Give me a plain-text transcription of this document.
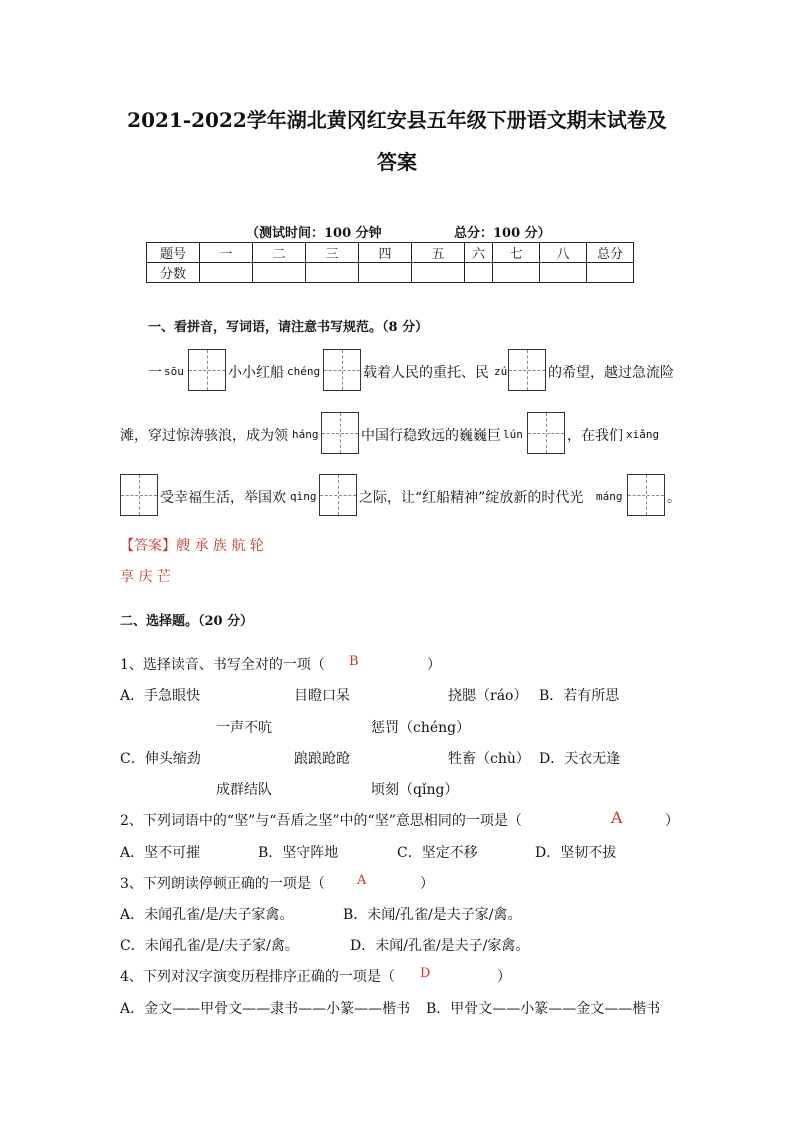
2021-2022学年湖北黄冈红安县五年级下册语文期末试卷及
答案
（测试时间：100 分钟	总分：100 分）
题号	一	二	三	四	五	六	七	八	总分
分数									
一、看拼音，写词语，请注意书写规范。（8 分）
一 sōu	小小红船 chéng	载着人民的重托、民 zú	的希望，越过急流险
滩，穿过惊涛骇浪，成为领 háng	中国行稳致远的巍巍巨 lún	，在我们 xiǎng
受幸福生活，举国欢 qìng	之际，让“红船精神”绽放新的时代光 máng	。
【答案】 艘 承 族 航 轮
享 庆 芒
二、选择题。（20 分）
1、选择读音、书写全对的一项（ B	）
A．手急眼快	目瞪口呆	挠腮（ráo） B．若有所思
一声不吭	惩罚（chéng）
C．伸头缩劲	踉踉跄跄	牲畜（chù） D．天衣无逢
成群结队	顷刻（qǐng）
2、下列词语中的“坚”与“吾盾之坚”中的“坚”意思相同的一项是（	A	）
A．坚不可摧	B．坚守阵地	C．坚定不移	D．坚韧不拔
3、下列朗读停顿正确的一项是（ A	）
A．未闻孔雀/是/夫子家禽。	B．未闻/孔雀/是夫子家/禽。
C．未闻孔雀/是/夫子家/禽。	D．未闻/孔雀/是夫子/家禽。
4、下列对汉字演变历程排序正确的一项是（ D	）
A．金文——甲骨文——隶书——小篆——楷书 B．甲骨文——小篆——金文——楷书
